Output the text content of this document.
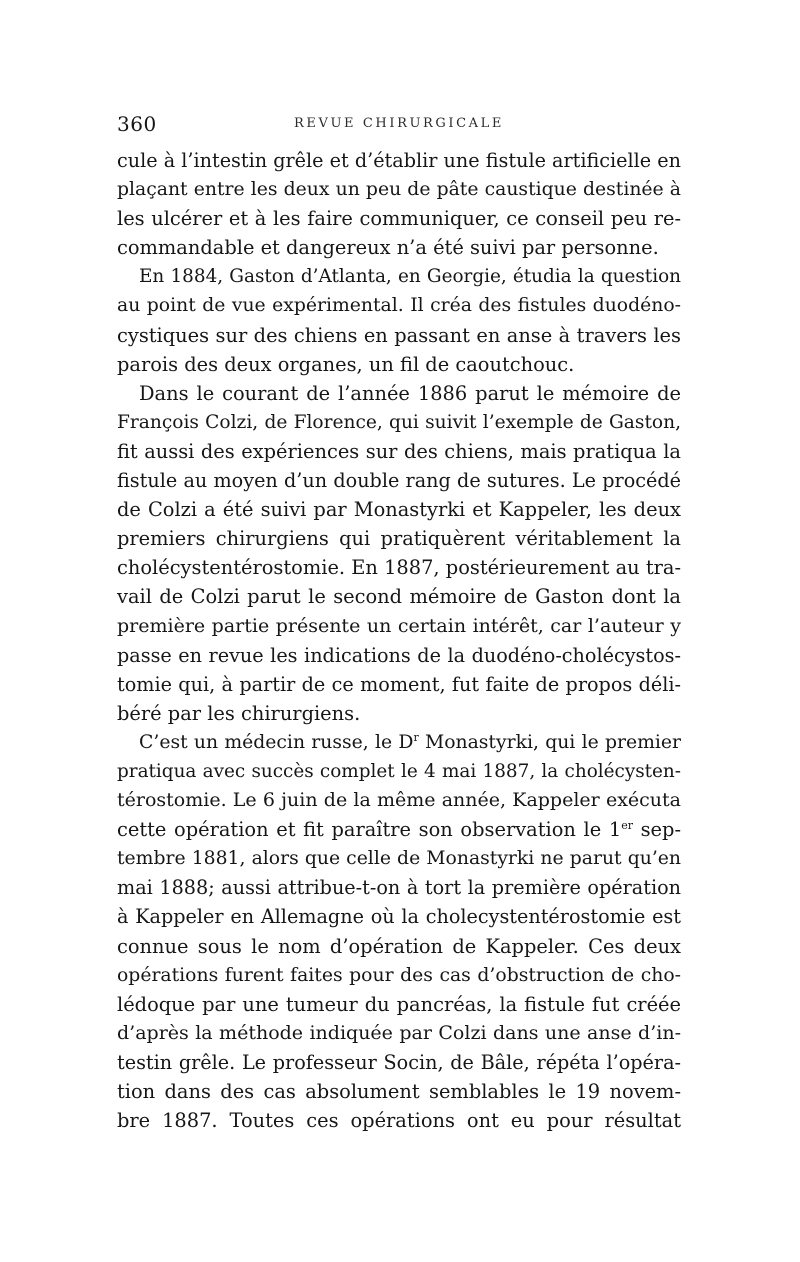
360	REVUE CHIRURGICALE
cule à l’intestin grêle et d’établir une fistule artificielle en
plaçant entre les deux un peu de pâte caustique destinée à
les ulcérer et à les faire communiquer, ce conseil peu re-
commandable et dangereux n’a été suivi par personne.
En 1884, Gaston d’Atlanta, en Georgie, étudia la question
au point de vue expérimental. Il créa des fistules duodéno-
cystiques sur des chiens en passant en anse à travers les
parois des deux organes, un fil de caoutchouc.
Dans le courant de l’année 1886 parut le mémoire de
François Colzi, de Florence, qui suivit l’exemple de Gaston,
fit aussi des expériences sur des chiens, mais pratiqua la
fistule au moyen d’un double rang de sutures. Le procédé
de Colzi a été suivi par Monastyrki et Kappeler, les deux
premiers chirurgiens qui pratiquèrent véritablement la
cholécystentérostomie. En 1887, postérieurement au tra-
vail de Colzi parut le second mémoire de Gaston dont la
première partie présente un certain intérêt, car l’auteur y
passe en revue les indications de la duodéno-cholécystos-
tomie qui, à partir de ce moment, fut faite de propos déli-
béré par les chirurgiens.
C’est un médecin russe, le $D^r$ Monastyrki, qui le premier
pratiqua avec succès complet le 4 mai 1887, la cholécysten-
térostomie. Le 6 juin de la même année, Kappeler exécuta
cette opération et fit paraître son observation le 1er sep-
tembre 1881, alors que celle de Monastyrki ne parut qu’en
mai 1888; aussi attribue-t-on à tort la première opération
à Kappeler en Allemagne où la cholecystentérostomie est
connue sous le nom d’opération de Kappeler. Ces deux
opérations furent faites pour des cas d’obstruction de cho-
lédoque par une tumeur du pancréas, la fistule fut créée
d’après la méthode indiquée par Colzi dans une anse d’in-
testin grêle. Le professeur Socin, de Bâle, répéta l’opéra-
tion dans des cas absolument semblables le 19 novem-
bre 1887. Toutes ces opérations ont eu pour résultat
